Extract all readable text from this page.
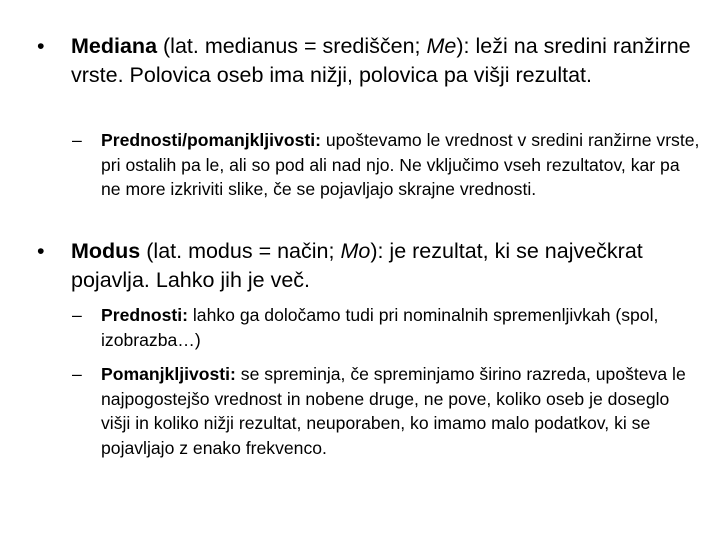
• Mediana (lat. medianus = središčen; Me): leži na sredini ranžirne vrste. Polovica oseb ima nižji, polovica pa višji rezultat.
– Prednosti/pomanjkljivosti: upoštevamo le vrednost v sredini ranžirne vrste, pri ostalih pa le, ali so pod ali nad njo. Ne vključimo vseh rezultatov, kar pa ne more izkriviti slike, če se pojavljajo skrajne vrednosti.
• Modus (lat. modus = način; Mo): je rezultat, ki se največkrat pojavlja. Lahko jih je več.
– Prednosti: lahko ga določamo tudi pri nominalnih spremenljivkah (spol, izobrazba…)
– Pomanjkljivosti: se spreminja, če spreminjamo širino razreda, upošteva le najpogostejšo vrednost in nobene druge, ne pove, koliko oseb je doseglo višji in koliko nižji rezultat, neuporaben, ko imamo malo podatkov, ki se pojavljajo z enako frekvenco.
